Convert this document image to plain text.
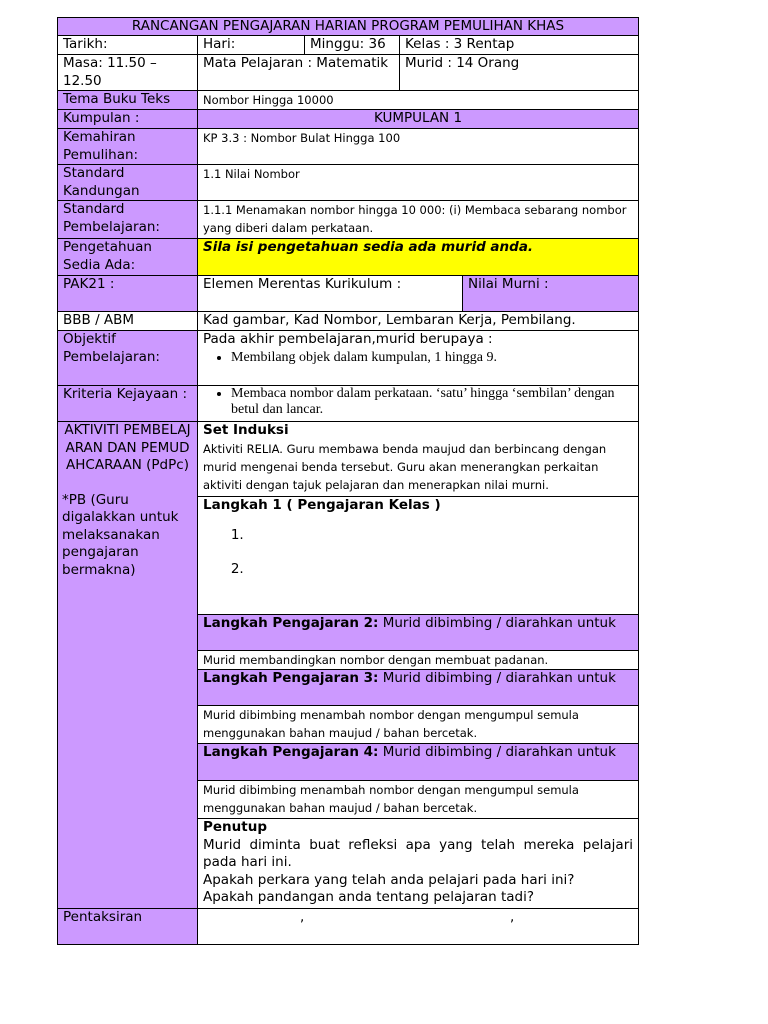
RANCANGAN PENGAJARAN HARIAN PROGRAM PEMULIHAN KHAS
Tarikh:	Hari:	Minggu: 36	Kelas : 3 Rentap
Masa: 11.50 – 12.50
Mata Pelajaran : Matematik	Murid : 14 Orang
Tema Buku Teks	Nombor Hingga 10000
Kumpulan :	KUMPULAN 1
Kemahiran Pemulihan:
KP 3.3 : Nombor Bulat Hingga 100
Standard Kandungan
1.1 Nilai Nombor
Standard Pembelajaran:
1.1.1 Menamakan nombor hingga 10 000: (i) Membaca sebarang nombor yang diberi dalam perkataan.
Pengetahuan Sedia Ada:
Sila isi pengetahuan sedia ada murid anda.
PAK21 :	Elemen Merentas Kurikulum :	Nilai Murni :
BBB / ABM	Kad gambar, Kad Nombor, Lembaran Kerja, Pembilang.
Objektif Pembelajaran:
Pada akhir pembelajaran,murid berupaya :
• Membilang objek dalam kumpulan, 1 hingga 9.
Kriteria Kejayaan :
•	Membaca nombor dalam perkataan. ‘satu’ hingga ‘sembilan’ dengan betul dan lancar.
AKTIVITI PEMBELAJARAN DAN PEMUDAHCARAAN (PdPc)
*PB (Guru digalakkan untuk melaksanakan pengajaran bermakna)
Set Induksi
Aktiviti RELIA. Guru membawa benda maujud dan berbincang dengan murid mengenai benda tersebut. Guru akan menerangkan perkaitan aktiviti dengan tajuk pelajaran dan menerapkan nilai murni.
Langkah 1 ( Pengajaran Kelas )
1.
2.
Langkah Pengajaran 2: Murid dibimbing / diarahkan untuk
Murid membandingkan nombor dengan membuat padanan.
Langkah Pengajaran 3: Murid dibimbing / diarahkan untuk
Murid dibimbing menambah nombor dengan mengumpul semula menggunakan bahan maujud / bahan bercetak.
Langkah Pengajaran 4: Murid dibimbing / diarahkan untuk
Murid dibimbing menambah nombor dengan mengumpul semula menggunakan bahan maujud / bahan bercetak.
Penutup
Murid diminta buat refleksi apa yang telah mereka pelajari pada hari ini.
Apakah perkara yang telah anda pelajari pada hari ini?
Apakah pandangan anda tentang pelajaran tadi?
Pentaksiran	,	,
